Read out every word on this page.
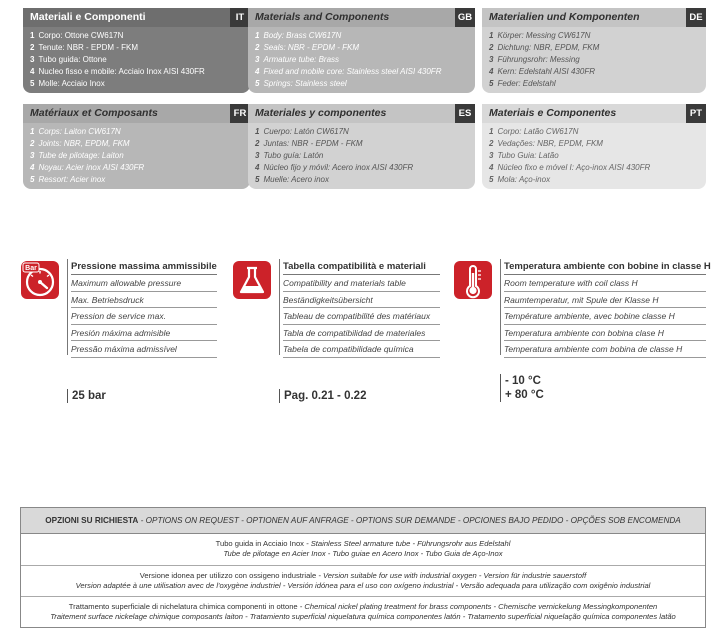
Materiali e Componenti	IT
1 Corpo: Ottone CW617N
2 Tenute: NBR - EPDM - FKM
3 Tubo guida: Ottone
4 Nucleo fisso e mobile: Acciaio Inox AISI 430FR
5 Molle: Acciaio Inox
Materials and Components	GB
1 Body: Brass CW617N
2 Seals: NBR - EPDM - FKM
3 Armature tube: Brass
4 Fixed and mobile core: Stainless steel AISI 430FR
5 Springs: Stainless steel
Materialien und Komponenten	DE
1 Körper: Messing CW617N
2 Dichtung: NBR, EPDM, FKM
3 Führungsrohr: Messing
4 Kern: Edelstahl AISI 430FR
5 Feder: Edelstahl
Matériaux et Composants	FR
1 Corps: Laiton CW617N
2 Joints: NBR, EPDM, FKM
3 Tube de pilotage: Laiton
4 Noyau: Acier inox AISI 430FR
5 Ressort: Acier inox
Materiales y componentes	ES
1 Cuerpo: Latón CW617N
2 Juntas: NBR - EPDM - FKM
3 Tubo guía: Latón
4 Núcleo fijo y móvil: Acero inox AISI 430FR
5 Muelle: Acero inox
Materiais e Componentes	PT
1 Corpo: Latão CW617N
2 Vedações: NBR, EPDM, FKM
3 Tubo Guia: Latão
4 Núcleo fixo e móvel I: Aço-inox AISI 430FR
5 Mola: Aço-inox
Bar	Pressione massima ammissibile
Maximum allowable pressure
Max. Betriebsdruck
Pression de service max.
Presión máxima admisible
Pressão máxima admissível
25 bar
Tabella compatibilità e materiali
Compatibility and materials table
Beständigkeitsübersicht
Tableau de compatibilité des matériaux
Tabla de compatibilidad de materiales
Tabela de compatibilidade química
Pag. 0.21 - 0.22
Temperatura ambiente con bobine in classe H
Room temperature with coil class H
Raumtemperatur, mit Spule der Klasse H
Température ambiente, avec bobine classe H
Temperatura ambiente con bobina clase H
Temperatura ambiente com bobina de classe H
- 10 °C
+ 80 °C
OPZIONI SU RICHIESTA - OPTIONS ON REQUEST - OPTIONEN AUF ANFRAGE - OPTIONS SUR DEMANDE - OPCIONES BAJO PEDIDO - OPÇÕES SOB ENCOMENDA
Tubo guida in Acciaio Inox - Stainless Steel armature tube - Führungsrohr aus Edelstahl
Tube de pilotage en Acier Inox - Tubo guiae en Acero Inox - Tubo Guia de Aço-Inox
Versione idonea per utilizzo con ossigeno industriale - Version suitable for use with industrial oxygen - Version für industrie sauerstoff
Version adaptée à une utilisation avec de l'oxygène industriel - Versión idónea para el uso con oxígeno industrial - Versão adequada para utilização com oxigênio industrial
Trattamento superficiale di nichelatura chimica componenti in ottone - Chemical nickel plating treatment for brass components - Chemische vernickelung Messingkomponenten
Traitement surface nickelage chimique composants laiton - Tratamiento superficial niquelatura química componentes latón - Tratamento superficial niquelação química componentes latão
